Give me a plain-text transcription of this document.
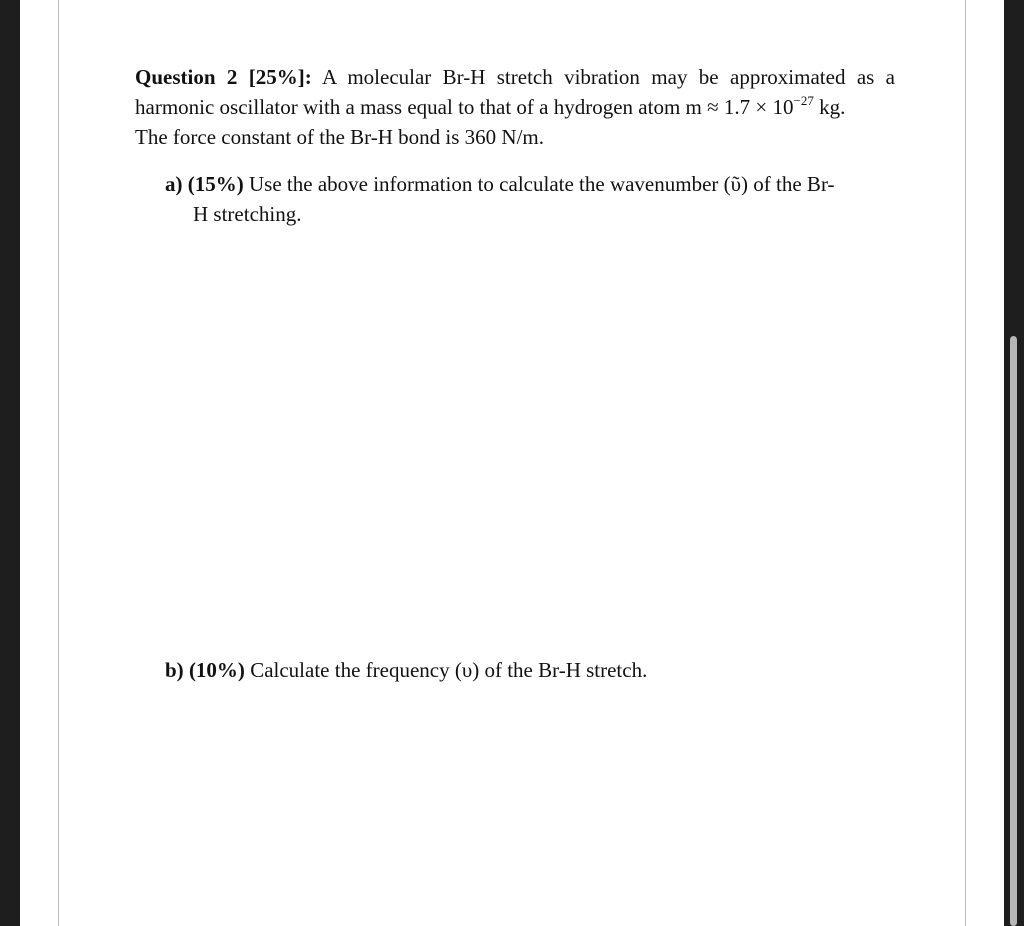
Question 2 [25%]: A molecular Br-H stretch vibration may be approximated as a
harmonic oscillator with a mass equal to that of a hydrogen atom $m \approx 1.7 \times 10^{-27}$ kg.
The force constant of the Br-H bond is 360 N/m.
a) (15%) Use the above information to calculate the wavenumber (ῦ) of the Br-
H stretching.
b) (10%) Calculate the frequency (υ) of the Br-H stretch.
